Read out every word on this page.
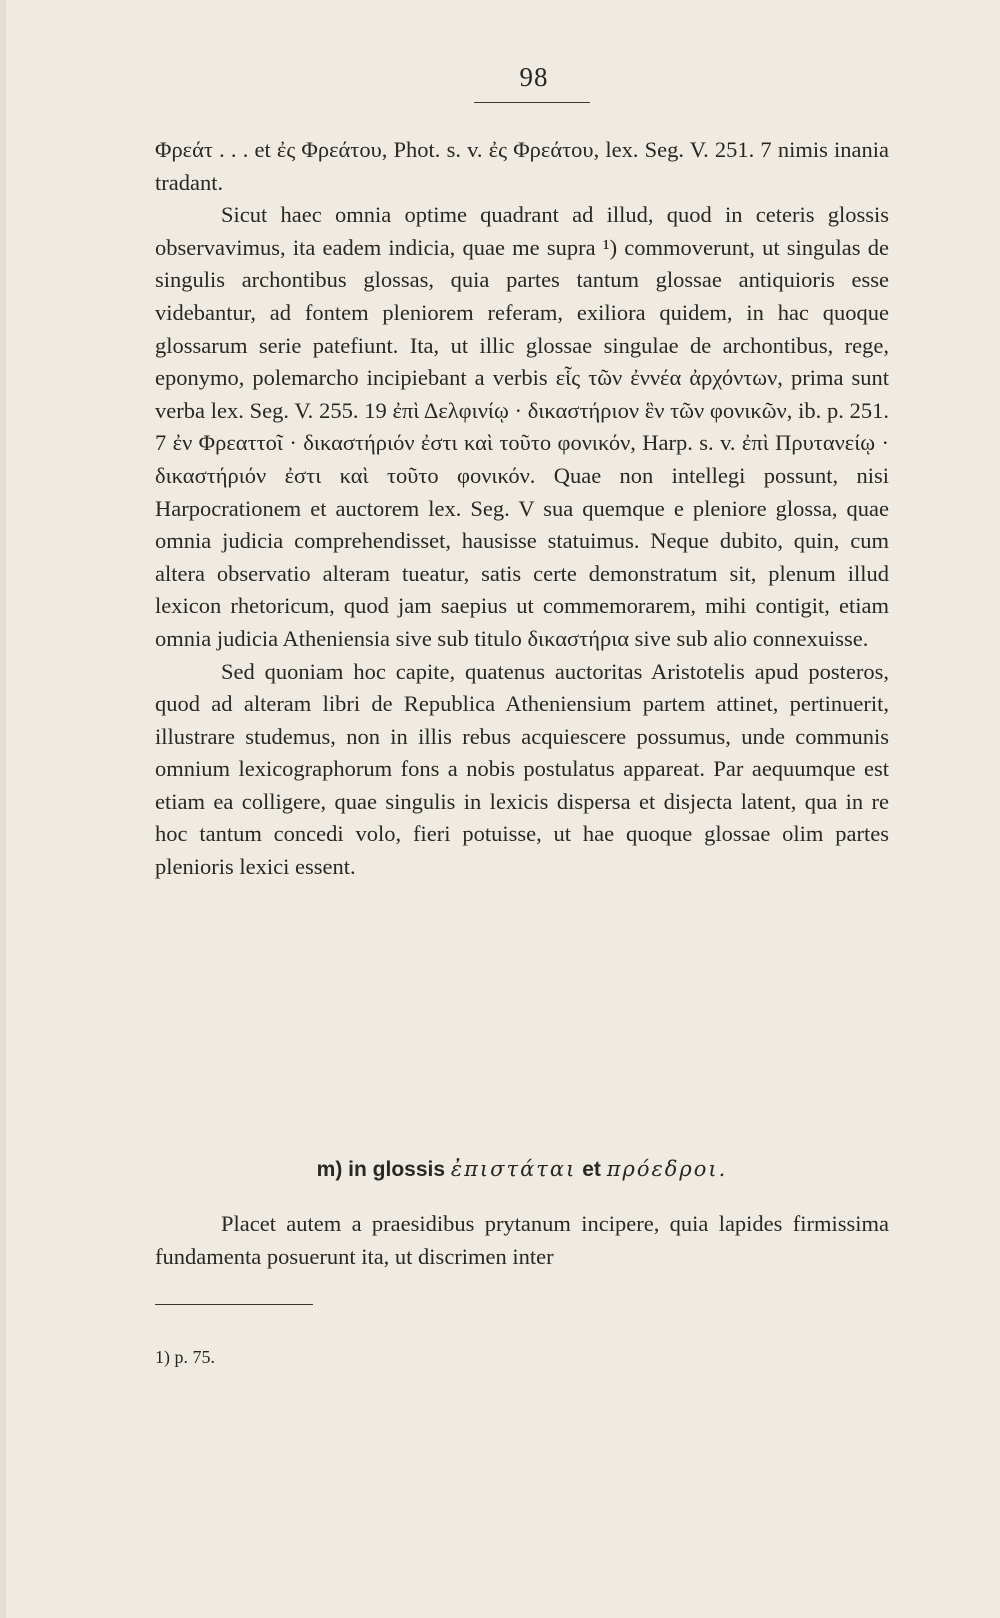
98

Φρεάτ . . . et ἐς Φρεάτου, Phot. s. v. ἐς Φρεάτου, lex. Seg. V. 251. 7 nimis inania tradant.

Sicut haec omnia optime quadrant ad illud, quod in ceteris glossis observavimus, ita eadem indicia, quae me supra ¹) commoverunt, ut singulas de singulis archontibus glossas, quia partes tantum glossae antiquioris esse videbantur, ad fontem pleniorem referam, exiliora quidem, in hac quoque glossarum serie patefiunt. Ita, ut illic glossae singulae de archontibus, rege, eponymo, polemarcho incipiebant a verbis εἷς τῶν ἐννέα ἀρχόντων, prima sunt verba lex. Seg. V. 255. 19 ἐπὶ Δελφινίῳ · δικαστήριον ἓν τῶν φονικῶν, ib. p. 251. 7 ἐν Φρεαττοῖ · δικαστήριόν ἐστι καὶ τοῦτο φονικόν, Harp. s. v. ἐπὶ Πρυτανείῳ · δικαστήριόν ἐστι καὶ τοῦτο φονικόν. Quae non intellegi possunt, nisi Harpocrationem et auctorem lex. Seg. V sua quemque e pleniore glossa, quae omnia judicia comprehendisset, hausisse statuimus. Neque dubito, quin, cum altera observatio alteram tueatur, satis certe demonstratum sit, plenum illud lexicon rhetoricum, quod jam saepius ut commemorarem, mihi contigit, etiam omnia judicia Atheniensia sive sub titulo δικαστήρια sive sub alio connexuisse.

Sed quoniam hoc capite, quatenus auctoritas Aristotelis apud posteros, quod ad alteram libri de Republica Atheniensium partem attinet, pertinuerit, illustrare studemus, non in illis rebus acquiescere possumus, unde communis omnium lexicographorum fons a nobis postulatus appareat. Par aequumque est etiam ea colligere, quae singulis in lexicis dispersa et disjecta latent, qua in re hoc tantum concedi volo, fieri potuisse, ut hae quoque glossae olim partes plenioris lexici essent.

m) in glossis ἐπιστάται et πρόεδροι.

Placet autem a praesidibus prytanum incipere, quia lapides firmissima fundamenta posuerunt ita, ut discrimen inter

1) p. 75.
